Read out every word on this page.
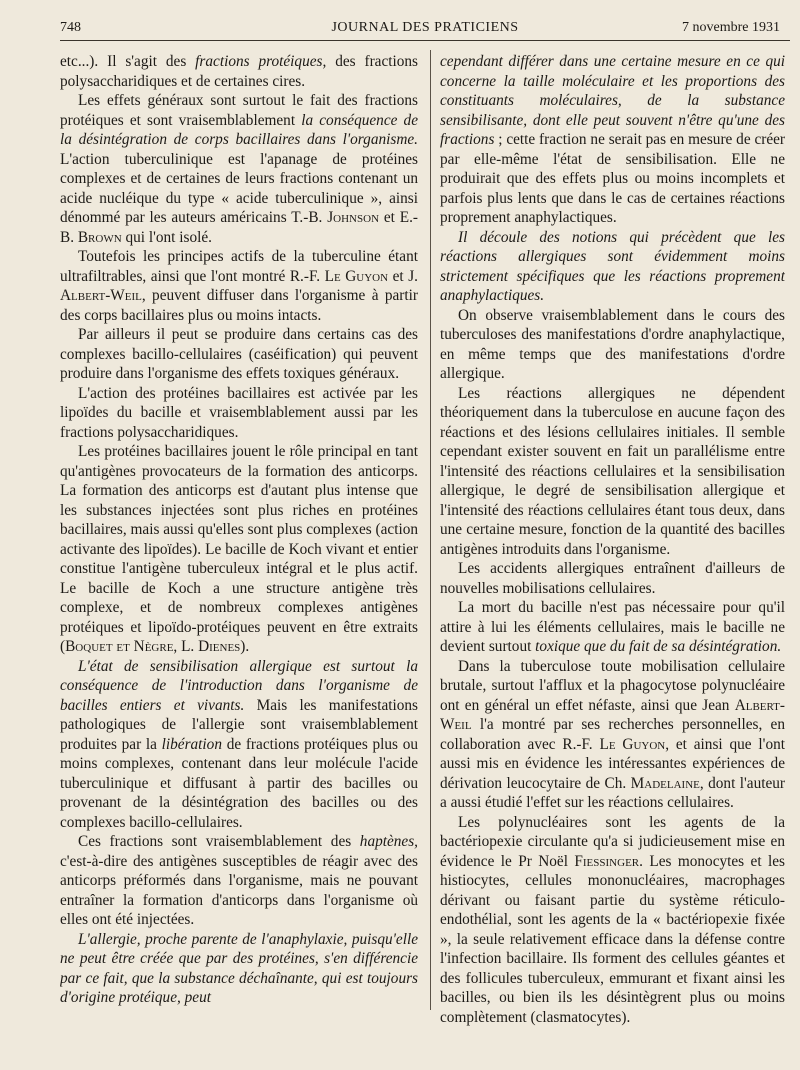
748	JOURNAL DES PRATICIENS	7 novembre 1931

etc...). Il s'agit des fractions protéiques, des fractions polysaccharidiques et de certaines cires.

Les effets généraux sont surtout le fait des fractions protéiques et sont vraisemblablement la conséquence de la désintégration de corps bacillaires dans l'organisme. L'action tuberculinique est l'apanage de protéines complexes et de certaines de leurs fractions contenant un acide nucléique du type « acide tuberculinique », ainsi dénommé par les auteurs américains T.-B. Johnson et E.-B. Brown qui l'ont isolé.

Toutefois les principes actifs de la tuberculine étant ultrafiltrables, ainsi que l'ont montré R.-F. Le Guyon et J. Albert-Weil, peuvent diffuser dans l'organisme à partir des corps bacillaires plus ou moins intacts.

Par ailleurs il peut se produire dans certains cas des complexes bacillo-cellulaires (caséification) qui peuvent produire dans l'organisme des effets toxiques généraux.

L'action des protéines bacillaires est activée par les lipoïdes du bacille et vraisemblablement aussi par les fractions polysaccharidiques.

Les protéines bacillaires jouent le rôle principal en tant qu'antigènes provocateurs de la formation des anticorps. La formation des anticorps est d'autant plus intense que les substances injectées sont plus riches en protéines bacillaires, mais aussi qu'elles sont plus complexes (action activante des lipoïdes). Le bacille de Koch vivant et entier constitue l'antigène tuberculeux intégral et le plus actif. Le bacille de Koch a une structure antigène très complexe, et de nombreux complexes antigènes protéiques et lipoïdo-protéiques peuvent en être extraits (Boquet et Nègre, L. Dienes).

L'état de sensibilisation allergique est surtout la conséquence de l'introduction dans l'organisme de bacilles entiers et vivants. Mais les manifestations pathologiques de l'allergie sont vraisemblablement produites par la libération de fractions protéiques plus ou moins complexes, contenant dans leur molécule l'acide tuberculinique et diffusant à partir des bacilles ou provenant de la désintégration des bacilles ou des complexes bacillo-cellulaires.

Ces fractions sont vraisemblablement des haptènes, c'est-à-dire des antigènes susceptibles de réagir avec des anticorps préformés dans l'organisme, mais ne pouvant entraîner la formation d'anticorps dans l'organisme où elles ont été injectées.

L'allergie, proche parente de l'anaphylaxie, puisqu'elle ne peut être créée que par des protéines, s'en différencie par ce fait, que la substance déchaînante, qui est toujours d'origine protéique, peut

cependant différer dans une certaine mesure en ce qui concerne la taille moléculaire et les proportions des constituants moléculaires, de la substance sensibilisante, dont elle peut souvent n'être qu'une des fractions ; cette fraction ne serait pas en mesure de créer par elle-même l'état de sensibilisation. Elle ne produirait que des effets plus ou moins incomplets et parfois plus lents que dans le cas de certaines réactions proprement anaphylactiques.

Il découle des notions qui précèdent que les réactions allergiques sont évidemment moins strictement spécifiques que les réactions proprement anaphylactiques.

On observe vraisemblablement dans le cours des tuberculoses des manifestations d'ordre anaphylactique, en même temps que des manifestations d'ordre allergique.

Les réactions allergiques ne dépendent théoriquement dans la tuberculose en aucune façon des réactions et des lésions cellulaires initiales. Il semble cependant exister souvent en fait un parallélisme entre l'intensité des réactions cellulaires et la sensibilisation allergique, le degré de sensibilisation allergique et l'intensité des réactions cellulaires étant tous deux, dans une certaine mesure, fonction de la quantité des bacilles antigènes introduits dans l'organisme.

Les accidents allergiques entraînent d'ailleurs de nouvelles mobilisations cellulaires.

La mort du bacille n'est pas nécessaire pour qu'il attire à lui les éléments cellulaires, mais le bacille ne devient surtout toxique que du fait de sa désintégration.

Dans la tuberculose toute mobilisation cellulaire brutale, surtout l'afflux et la phagocytose polynucléaire ont en général un effet néfaste, ainsi que Jean Albert-Weil l'a montré par ses recherches personnelles, en collaboration avec R.-F. Le Guyon, et ainsi que l'ont aussi mis en évidence les intéressantes expériences de dérivation leucocytaire de Ch. Madelaine, dont l'auteur a aussi étudié l'effet sur les réactions cellulaires.

Les polynucléaires sont les agents de la bactériopexie circulante qu'a si judicieusement mise en évidence le Pr Noël Fiessinger. Les monocytes et les histiocytes, cellules mononucléaires, macrophages dérivant ou faisant partie du système réticulo-endothélial, sont les agents de la « bactériopexie fixée », la seule relativement efficace dans la défense contre l'infection bacillaire. Ils forment des cellules géantes et des follicules tuberculeux, emmurant et fixant ainsi les bacilles, ou bien ils les désintègrent plus ou moins complètement (clasmatocytes).
